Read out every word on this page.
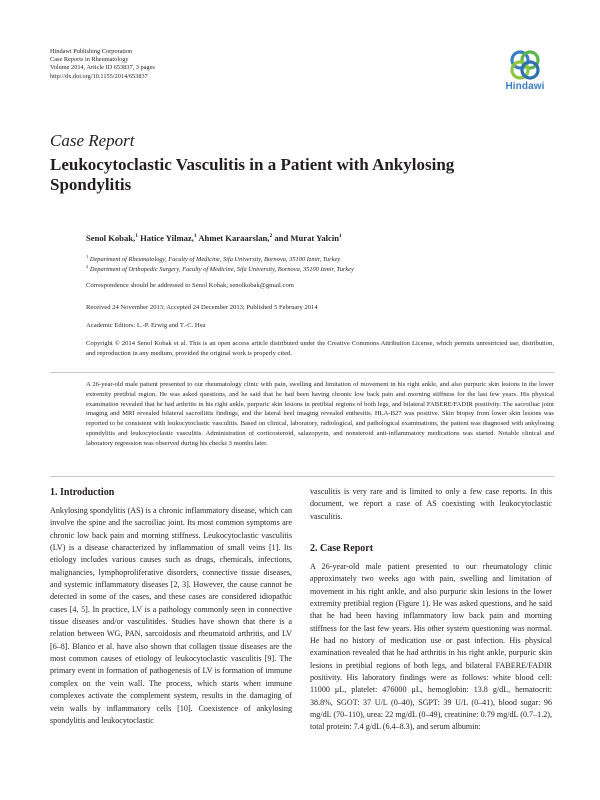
Hindawi Publishing Corporation
Case Reports in Rheumatology
Volume 2014, Article ID 653837, 3 pages
http://dx.doi.org/10.1155/2014/653837
Hindawi
Case Report
Leukocytoclastic Vasculitis in a Patient with Ankylosing Spondylitis
Senol Kobak,$^1$ Hatice Yilmaz,$^1$ Ahmet Karaarslan,$^2$ and Murat Yalcin$^1$
$^1$ Department of Rheumatology, Faculty of Medicine, Sifa University, Bornova, 35100 Izmir, Turkey
$^2$ Department of Orthopedic Surgery, Faculty of Medicine, Sifa University, Bornova, 35100 Izmir, Turkey
Correspondence should be addressed to Senol Kobak; senolkobak@gmail.com
Received 24 November 2013; Accepted 24 December 2013; Published 5 February 2014
Academic Editors: L.-P. Erwig and T.-C. Hsu
Copyright © 2014 Senol Kobak et al. This is an open access article distributed under the Creative Commons Attribution License, which permits unrestricted use, distribution, and reproduction in any medium, provided the original work is properly cited.
A 26-year-old male patient presented to our rheumatology clinic with pain, swelling and limitation of movement in his right ankle, and also purpuric skin lesions in the lower extremity pretibial region. He was asked questions, and he said that he had been having chronic low back pain and morning stiffness for the last few years. His physical examination revealed that he had arthritis in his right ankle, purpuric skin lesions in pretibial regions of both legs, and bilateral FABERE/FADIR positivity. The sacroiliac joint imaging and MRI revealed bilateral sacroiliitis findings, and the lateral heel imaging revealed enthesitis. HLA-B27 was positive. Skin biopsy from lower skin lesions was reported to be consistent with leukocytoclastic vasculitis. Based on clinical, laboratory, radiological, and pathological examinations, the patient was diagnosed with ankylosing spondylitis and leukocytoclastic vasculitis. Administration of corticosteroid, salazopyrin, and nonsteroid anti-inflammatory medications was started. Notable clinical and laboratory regression was observed during his checks 3 months later.
1. Introduction
Ankylosing spondylitis (AS) is a chronic inflammatory disease, which can involve the spine and the sacroiliac joint. Its most common symptoms are chronic low back pain and morning stiffness. Leukocytoclastic vasculitis (LV) is a disease characterized by inflammation of small veins [1]. Its etiology includes various causes such as drugs, chemicals, infections, malignancies, lymphoproliferative disorders, connective tissue diseases, and systemic inflammatory diseases [2, 3]. However, the cause cannot be detected in some of the cases, and these cases are considered idiopathic cases [4, 5]. In practice, LV is a pathology commonly seen in connective tissue diseases and/or vasculitides. Studies have shown that there is a relation between WG, PAN, sarcoidosis and rheumatoid arthritis, and LV [6–8]. Blanco et al. have also shown that collagen tissue diseases are the most common causes of etiology of leukocytoclastic vasculitis [9]. The primary event in formation of pathogenesis of LV is formation of immune complex on the vein wall. The process, which starts when immune complexes activate the complement system, results in the damaging of vein walls by inflammatory cells [10]. Coexistence of ankylosing spondylitis and leukocytoclastic
vasculitis is very rare and is limited to only a few case reports. In this document, we report a case of AS coexisting with leukocytoclastic vasculitis.
2. Case Report
A 26-year-old male patient presented to our rheumatology clinic approximately two weeks ago with pain, swelling and limitation of movement in his right ankle, and also purpuric skin lesions in the lower extremity pretibial region (Figure 1). He was asked questions, and he said that he had been having inflammatory low back pain and morning stiffness for the last few years. His other system questioning was normal. He had no history of medication use or past infection. His physical examination revealed that he had arthritis in his right ankle, purpuric skin lesions in pretibial regions of both legs, and bilateral FABERE/FADIR positivity. His laboratory findings were as follows: white blood cell: 11000 μL, platelet: 476000 μL, hemoglobin: 13.8 g/dL, hematocrit: 38.8%, SGOT: 37 U/L (0–40), SGPT: 39 U/L (0–41), blood sugar: 96 mg/dL (70–110), urea: 22 mg/dL (0–49), creatinine: 0.79 mg/dL (0.7–1.2), total protein: 7.4 g/dL (6.4–8.3), and serum albumin:
